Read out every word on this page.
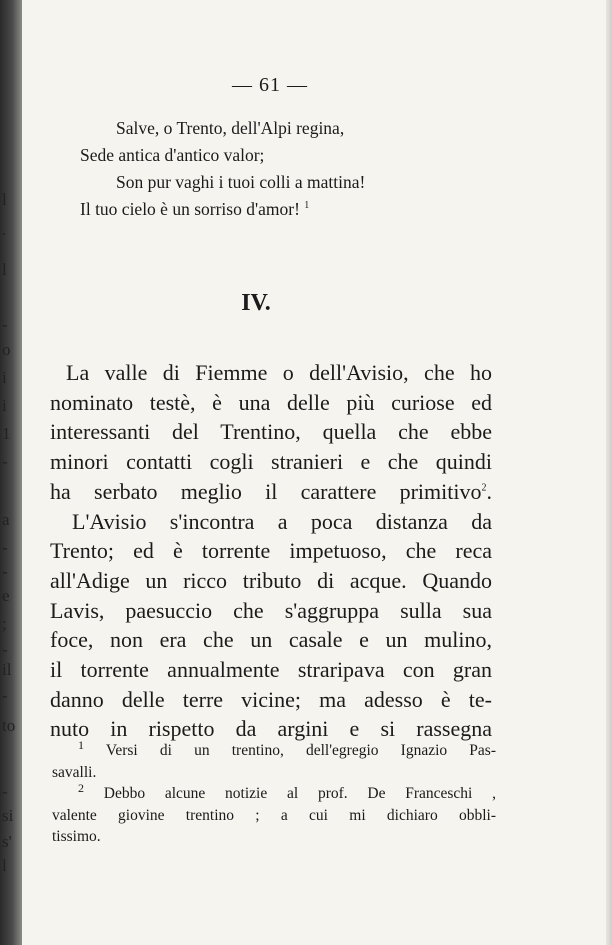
l
.
l
-
o
i
i
1
-
a
-
-
e
;
-
il
-
to
-
si
s'
l
— 61 —
Salve, o Trento, dell'Alpi regina,
Sede antica d'antico valor;
Son pur vaghi i tuoi colli a mattina!
Il tuo cielo è un sorriso d'amor! $^1$
IV.
La valle di Fiemme o dell'Avisio, che ho
nominato testè, è una delle più curiose ed
interessanti del Trentino, quella che ebbe
minori contatti cogli stranieri e che quindi
ha serbato meglio il carattere primitivo$^2$.
L'Avisio s'incontra a poca distanza da
Trento; ed è torrente impetuoso, che reca
all'Adige un ricco tributo di acque. Quando
Lavis, paesuccio che s'aggruppa sulla sua
foce, non era che un casale e un mulino,
il torrente annualmente straripava con gran
danno delle terre vicine; ma adesso è te-
nuto in rispetto da argini e si rassegna
$^1$ Versi di un trentino, dell'egregio Ignazio Pas-
savalli.
$^2$ Debbo alcune notizie al prof. De Franceschi ,
valente giovine trentino ; a cui mi dichiaro obbli-
tissimo.
